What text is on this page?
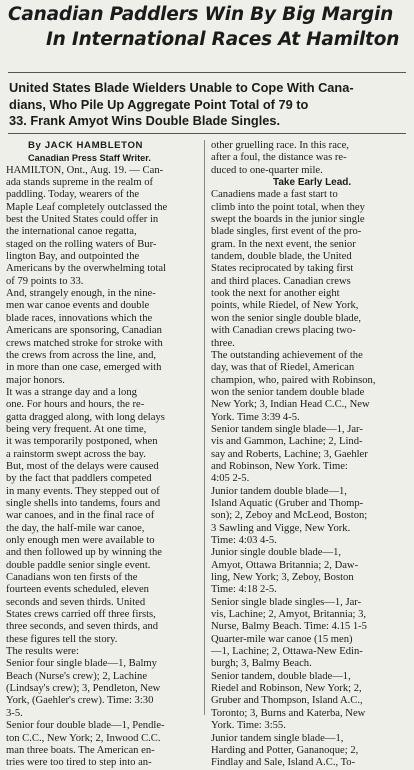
Canadian Paddlers Win By Big Margin
In International Races At Hamilton
United States Blade Wielders Unable to Cope With Cana-
dians, Who Pile Up Aggregate Point Total of 79 to
33. Frank Amyot Wins Double Blade Singles.
By JACK HAMBLETON
Canadian Press Staff Writer.
HAMILTON, Ont., Aug. 19. — Can-
ada stands supreme in the realm of
paddling. Today, wearers of the
Maple Leaf completely outclassed the
best the United States could offer in
the international canoe regatta,
staged on the rolling waters of Bur-
lington Bay, and outpointed the
Americans by the overwhelming total
of 79 points to 33.
And, strangely enough, in the nine-
men war canoe events and double
blade races, innovations which the
Americans are sponsoring, Canadian
crews matched stroke for stroke with
the crews from across the line, and,
in more than one case, emerged with
major honors.
It was a strange day and a long
one. For hours and hours, the re-
gatta dragged along, with long delays
being very frequent. At one time,
it was temporarily postponed, when
a rainstorm swept across the bay.
But, most of the delays were caused
by the fact that paddlers competed
in many events. They stepped out of
single shells into tandems, fours and
war canoes, and in the final race of
the day, the half-mile war canoe,
only enough men were available to
and then followed up by winning the
double paddle senior single event.
Canadians won ten firsts of the
fourteen events scheduled, eleven
seconds and seven thirds. United
States crews carried off three firsts,
three seconds, and seven thirds, and
these figures tell the story.
The results were:
Senior four single blade—1, Balmy
Beach (Nurse's crew); 2, Lachine
(Lindsay's crew); 3, Pendleton, New
York, (Gaehler's crew). Time: 3:30
3-5.
Senior four double blade—1, Pendle-
ton C.C., New York; 2, Inwood C.C.
man three boats. The American en-
tries were too tired to step into an-
other gruelling race. In this race,
after a foul, the distance was re-
duced to one-quarter mile.
Take Early Lead.
Canadiens made a fast start to
climb into the point total, when they
swept the boards in the junior single
blade singles, first event of the pro-
gram. In the next event, the senior
tandem, double blade, the United
States reciprocated by taking first
and third places. Canadian crews
took the next for another eight
points, while Riedel, of New York,
won the senior single double blade,
with Canadian crews placing two-
three.
The outstanding achievement of the
day, was that of Riedel, American
champion, who, paired with Robinson,
won the senior tandem double blade
New York; 3, Indian Head C.C., New
York. Time 3:39 4-5.
Senior tandem single blade—1, Jar-
vis and Gammon, Lachine; 2, Lind-
say and Roberts, Lachine; 3, Gaehler
and Robinson, New York. Time:
4:05 2-5.
Junior tandem double blade—1,
Island Aquatic (Gruber and Thomp-
son); 2, Zeboy and McLeod, Boston;
3 Sawling and Vigge, New York.
Time: 4:03 4-5.
Junior single double blade—1,
Amyot, Ottawa Britannia; 2, Daw-
ling, New York; 3, Zeboy, Boston
Time: 4:18 2-5.
Senior single blade singles—1, Jar-
vis, Lachine; 2, Amyot, Britannia; 3,
Nurse, Balmy Beach. Time: 4.15 1-5
Quarter-mile war canoe (15 men)
—1, Lachine; 2, Ottawa-New Edin-
burgh; 3, Balmy Beach.
Senior tandem, double blade—1,
Riedel and Robinson, New York; 2,
Gruber and Thompson, Island A.C.,
Toronto; 3, Burns and Katerba, New
York. Time: 3:55.
Junior tandem single blade—1,
Harding and Potter, Gananoque; 2,
Findlay and Sale, Island A.C., To-
